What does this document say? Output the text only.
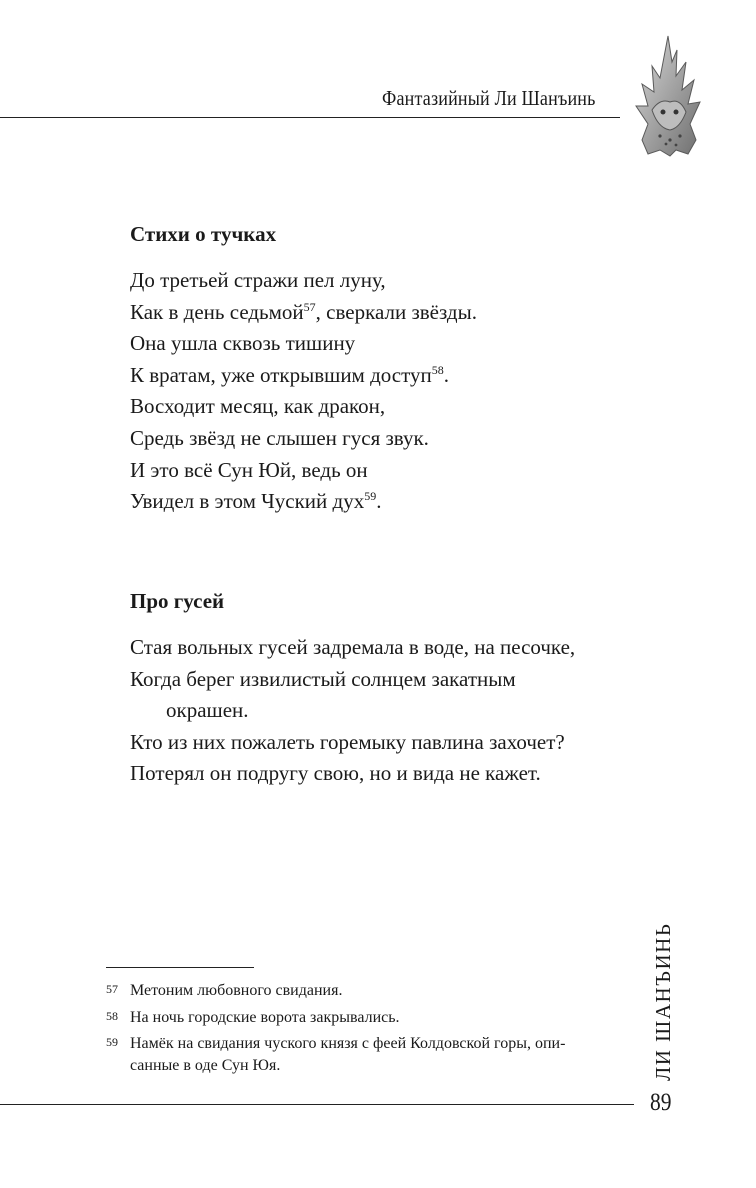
Фантазийный Ли Шанъинь
Стихи о тучках
До третьей стражи пел луну,
Как в день седьмой$^{57}$, сверкали звёзды.
Она ушла сквозь тишину
К вратам, уже открывшим доступ$^{58}$.
Восходит месяц, как дракон,
Средь звёзд не слышен гуся звук.
И это всё Сун Юй, ведь он
Увидел в этом Чуский дух$^{59}$.
Про гусей
Стая вольных гусей задремала в воде, на песочке,
Когда берег извилистый солнцем закатным
окрашен.
Кто из них пожалеть горемыку павлина захочет?
Потерял он подругу свою, но и вида не кажет.
57 Метоним любовного свидания.
58 На ночь городские ворота закрывались.
59 Намёк на свидания чуского князя с феей Колдовской горы, опи- санные в оде Сун Юя.
89
ЛИ ШАНЪИНЬ
